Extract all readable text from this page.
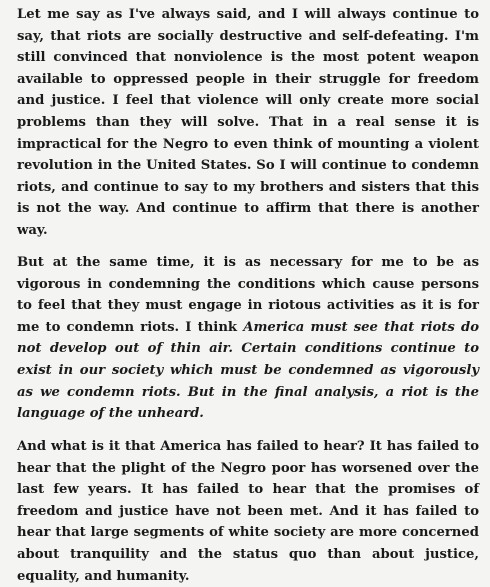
Let me say as I've always said, and I will always continue to say, that riots are socially destructive and self-defeating. I'm still convinced that nonviolence is the most potent weapon available to oppressed people in their struggle for freedom and justice. I feel that violence will only create more social problems than they will solve. That in a real sense it is impractical for the Negro to even think of mounting a violent revolution in the United States. So I will continue to condemn riots, and continue to say to my brothers and sisters that this is not the way. And continue to affirm that there is another way.

But at the same time, it is as necessary for me to be as vigorous in condemning the conditions which cause persons to feel that they must engage in riotous activities as it is for me to condemn riots. I think America must see that riots do not develop out of thin air. Certain conditions continue to exist in our society which must be condemned as vigorously as we condemn riots. But in the final analysis, a riot is the language of the unheard.

And what is it that America has failed to hear? It has failed to hear that the plight of the Negro poor has worsened over the last few years. It has failed to hear that the promises of freedom and justice have not been met. And it has failed to hear that large segments of white society are more concerned about tranquility and the status quo than about justice, equality, and humanity.
